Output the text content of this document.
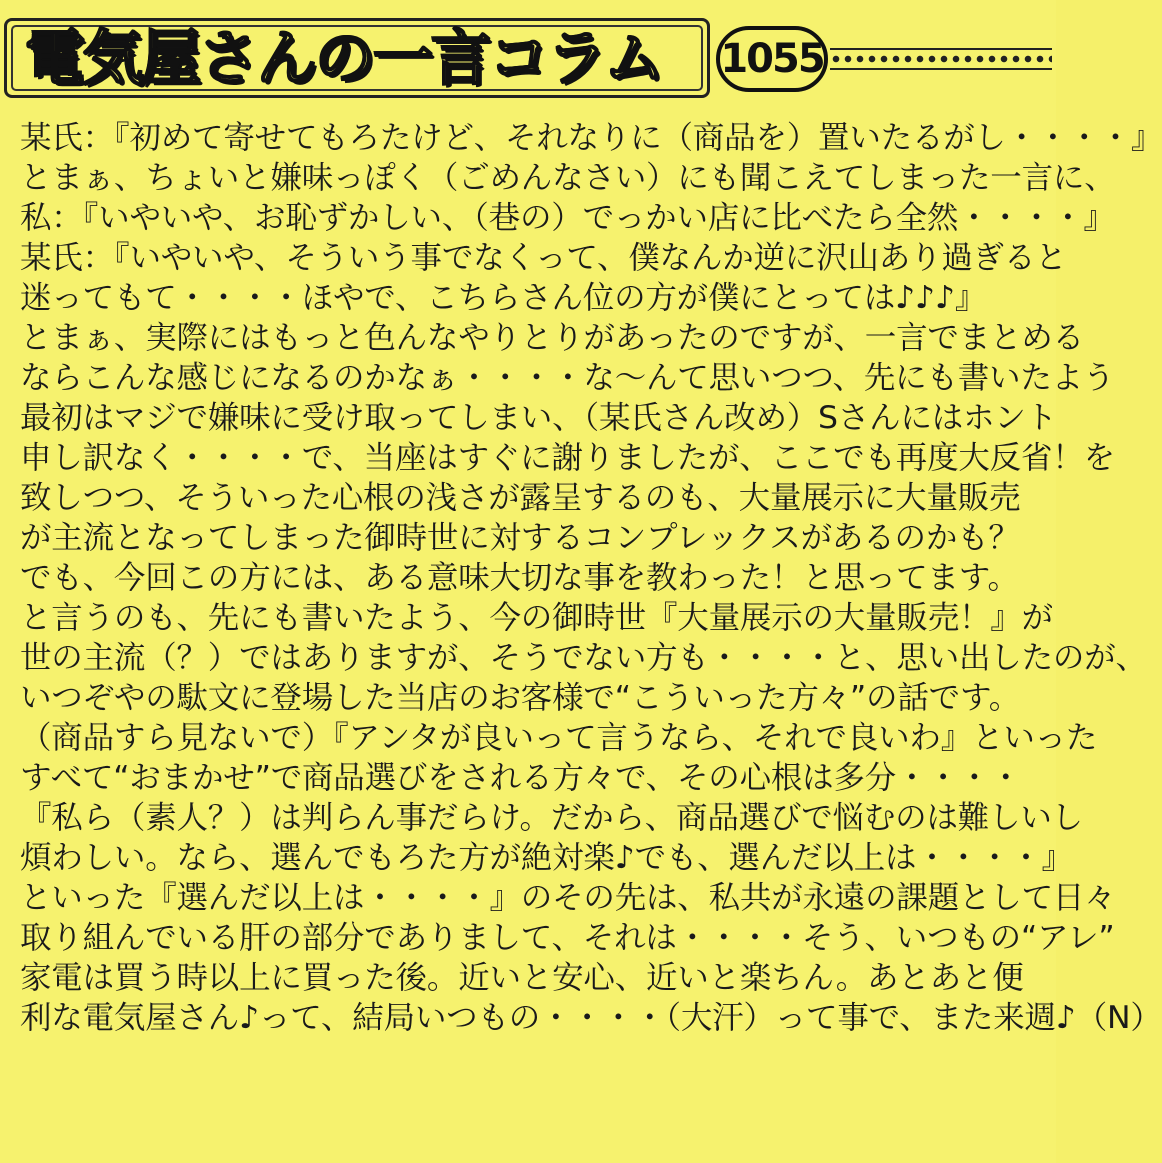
電気屋さんの一言コラム 1055
某氏：『初めて寄せてもろたけど、それなりに（商品を）置いたるがし・・・・』
とまぁ、ちょいと嫌味っぽく（ごめんなさい）にも聞こえてしまった一言に、
私：『いやいや、お恥ずかしい、（巷の）でっかい店に比べたら全然・・・・』
某氏：『いやいや、そういう事でなくって、僕なんか逆に沢山あり過ぎると
迷ってもて・・・・ほやで、こちらさん位の方が僕にとっては♪♪♪』
とまぁ、実際にはもっと色んなやりとりがあったのですが、一言でまとめる
ならこんな感じになるのかなぁ・・・・な～んて思いつつ、先にも書いたよう
最初はマジで嫌味に受け取ってしまい、（某氏さん改め）Sさんにはホント
申し訳なく・・・・で、当座はすぐに謝りましたが、ここでも再度大反省！を
致しつつ、そういった心根の浅さが露呈するのも、大量展示に大量販売
が主流となってしまった御時世に対するコンプレックスがあるのかも？
でも、今回この方には、ある意味大切な事を教わった！と思ってます。
と言うのも、先にも書いたよう、今の御時世『大量展示の大量販売！』が
世の主流（？）ではありますが、そうでない方も・・・・と、思い出したのが、
いつぞやの駄文に登場した当店のお客様で“こういった方々”の話です。
（商品すら見ないで）『アンタが良いって言うなら、それで良いわ』といった
すべて“おまかせ”で商品選びをされる方々で、その心根は多分・・・・
『私ら（素人？）は判らん事だらけ。だから、商品選びで悩むのは難しいし
煩わしい。なら、選んでもろた方が絶対楽♪でも、選んだ以上は・・・・』
といった『選んだ以上は・・・・』のその先は、私共が永遠の課題として日々
取り組んでいる肝の部分でありまして、それは・・・・そう、いつもの“アレ”
家電は買う時以上に買った後。近いと安心、近いと楽ちん。あとあと便
利な電気屋さん♪って、結局いつもの・・・・（大汗）って事で、また来週♪（N）
